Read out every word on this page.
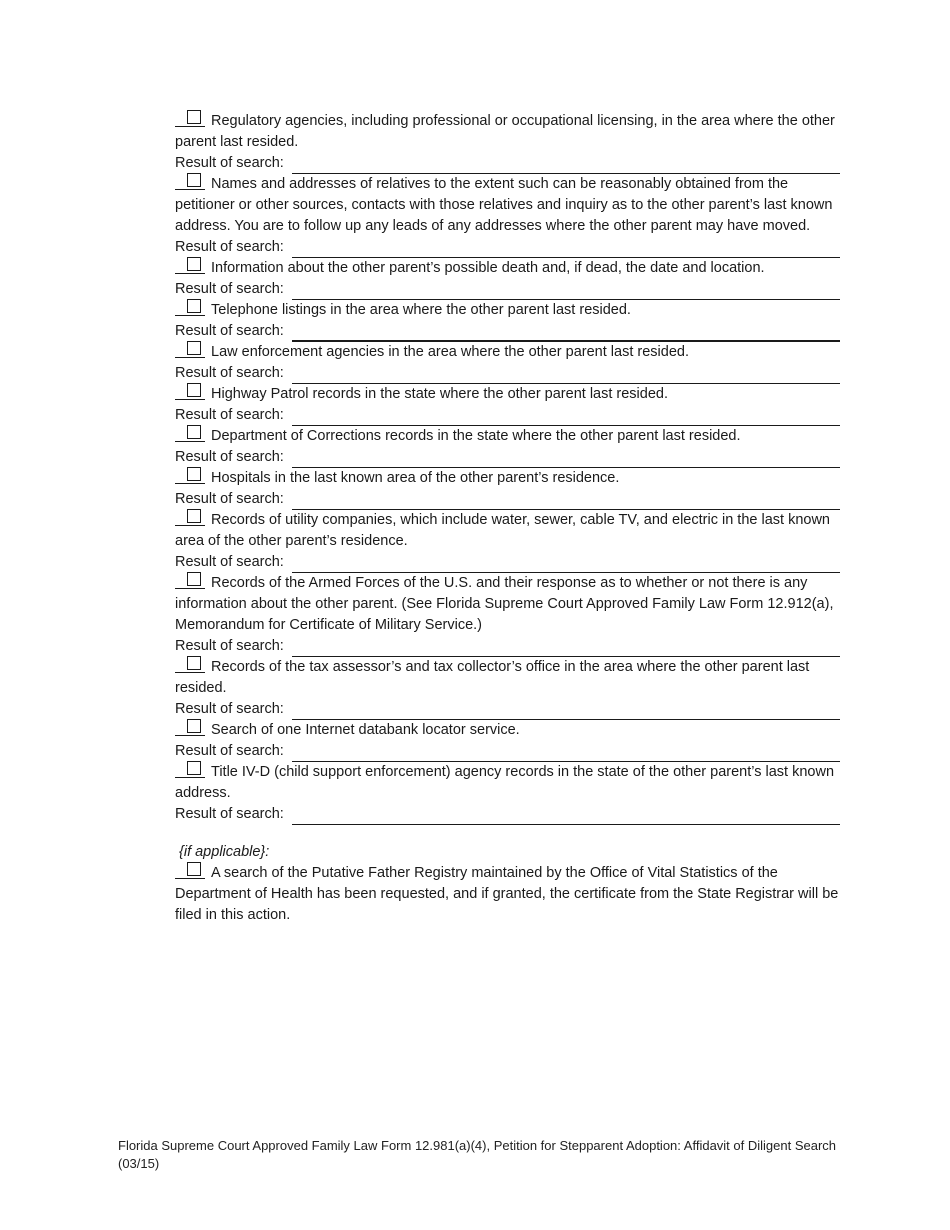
Regulatory agencies, including professional or occupational licensing, in the area where the other parent last resided.
Result of search:
Names and addresses of relatives to the extent such can be reasonably obtained from the petitioner or other sources, contacts with those relatives and inquiry as to the other parent’s last known address. You are to follow up any leads of any addresses where the other parent may have moved.
Result of search:
Information about the other parent’s possible death and, if dead, the date and location.
Result of search:
Telephone listings in the area where the other parent last resided.
Result of search:
Law enforcement agencies in the area where the other parent last resided.
Result of search:
Highway Patrol records in the state where the other parent last resided.
Result of search:
Department of Corrections records in the state where the other parent last resided.
Result of search:
Hospitals in the last known area of the other parent’s residence.
Result of search:
Records of utility companies, which include water, sewer, cable TV, and electric in the last known area of the other parent’s residence.
Result of search:
Records of the Armed Forces of the U.S. and their response as to whether or not there is any information about the other parent. (See Florida Supreme Court Approved Family Law Form 12.912(a), Memorandum for Certificate of Military Service.)
Result of search:
Records of the tax assessor’s and tax collector’s office in the area where the other parent last resided.
Result of search:
Search of one Internet databank locator service.
Result of search:
Title IV-D (child support enforcement) agency records in the state of the other parent’s last known address.
Result of search:
{if applicable}:
A search of the Putative Father Registry maintained by the Office of Vital Statistics of the Department of Health has been requested, and if granted, the certificate from the State Registrar will be filed in this action.
Florida Supreme Court Approved Family Law Form 12.981(a)(4), Petition for Stepparent Adoption: Affidavit of Diligent Search (03/15)
